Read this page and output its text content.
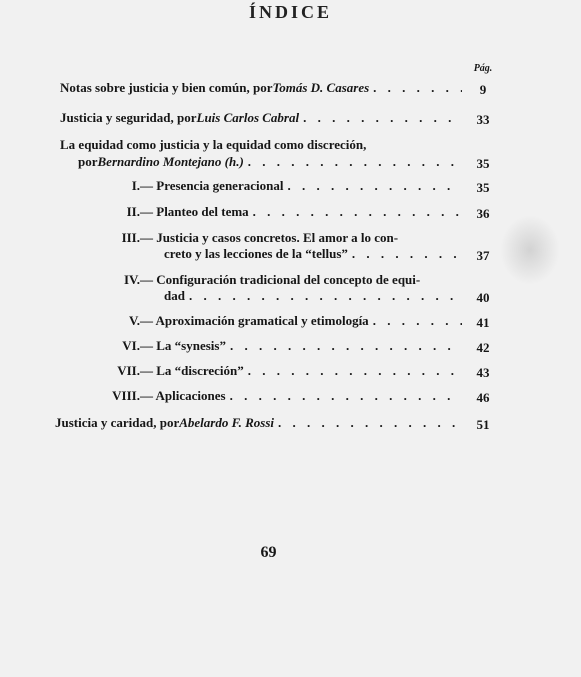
ÍNDICE
Pág.
Notas sobre justicia y bien común, por Tomás D. Casares . . .	9
Justicia y seguridad, por Luis Carlos Cabral . . .	33
La equidad como justicia y la equidad como discreción,
por Bernardino Montejano (h.) . . .	35
I. — Presencia generacional . . .	35
II. — Planteo del tema . . .	36
III.— Justicia y casos concretos. El amor a lo con-
creto y las lecciones de la “tellus” . . .	37
IV.— Configuración tradicional del concepto de equi-
dad . . .	40
V. — Aproximación gramatical y etimología . . .	41
VI. — La “synesis” . . .	42
VII. — La “discreción” . . .	43
VIII. — Aplicaciones . . .	46
Justicia y caridad, por Abelardo F. Rossi . . .	51
69
